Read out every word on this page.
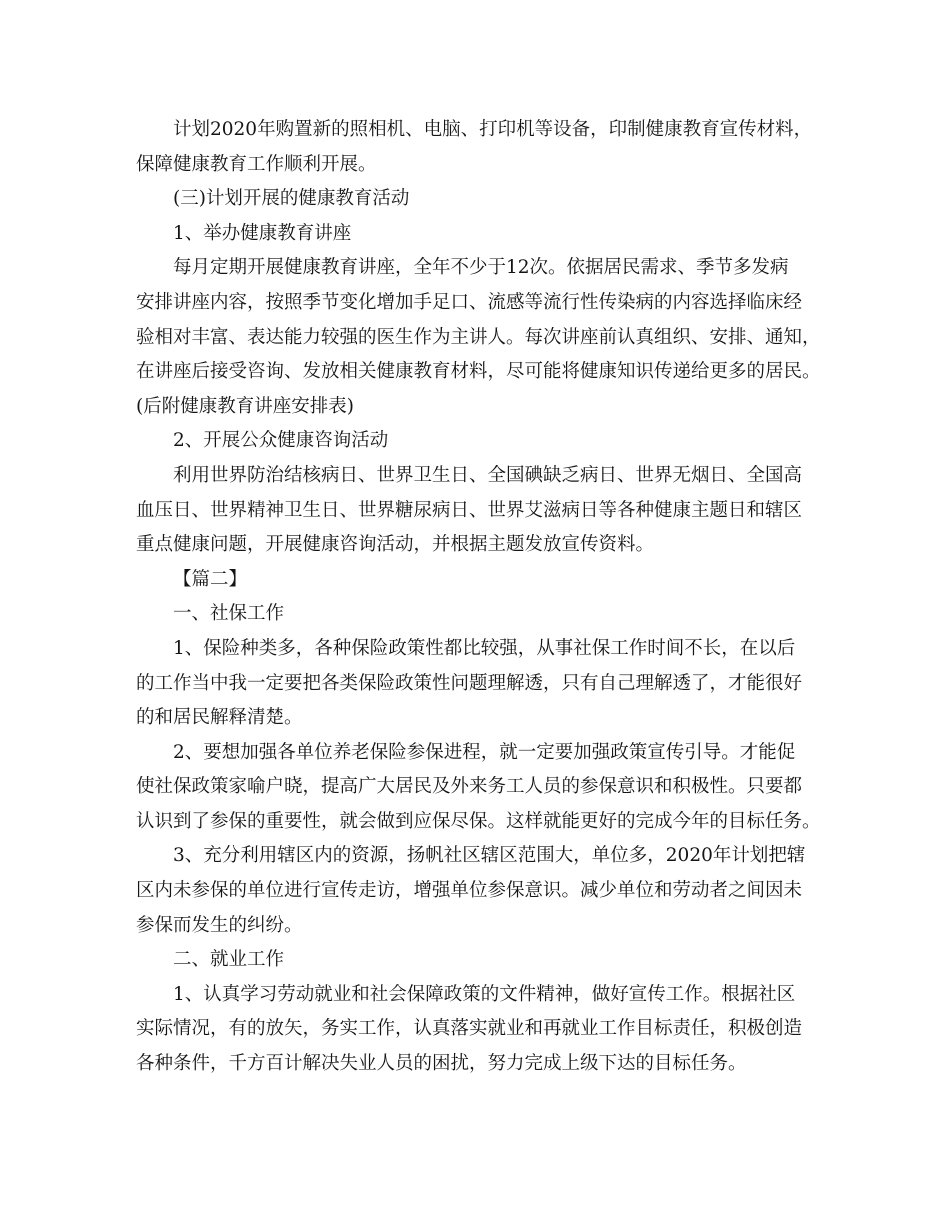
计划2020年购置新的照相机、电脑、打印机等设备，印制健康教育宣传材料，
保障健康教育工作顺利开展。
(三)计划开展的健康教育活动
1、举办健康教育讲座
每月定期开展健康教育讲座，全年不少于12次。依据居民需求、季节多发病
安排讲座内容，按照季节变化增加手足口、流感等流行性传染病的内容选择临床经
验相对丰富、表达能力较强的医生作为主讲人。每次讲座前认真组织、安排、通知，
在讲座后接受咨询、发放相关健康教育材料，尽可能将健康知识传递给更多的居民。
(后附健康教育讲座安排表)
2、开展公众健康咨询活动
利用世界防治结核病日、世界卫生日、全国碘缺乏病日、世界无烟日、全国高
血压日、世界精神卫生日、世界糖尿病日、世界艾滋病日等各种健康主题日和辖区
重点健康问题，开展健康咨询活动，并根据主题发放宣传资料。
【篇二】
一、社保工作
1、保险种类多，各种保险政策性都比较强，从事社保工作时间不长，在以后
的工作当中我一定要把各类保险政策性问题理解透，只有自己理解透了，才能很好
的和居民解释清楚。
2、要想加强各单位养老保险参保进程，就一定要加强政策宣传引导。才能促
使社保政策家喻户晓，提高广大居民及外来务工人员的参保意识和积极性。只要都
认识到了参保的重要性，就会做到应保尽保。这样就能更好的完成今年的目标任务。
3、充分利用辖区内的资源，扬帆社区辖区范围大，单位多，2020年计划把辖
区内未参保的单位进行宣传走访，增强单位参保意识。减少单位和劳动者之间因未
参保而发生的纠纷。
二、就业工作
1、认真学习劳动就业和社会保障政策的文件精神，做好宣传工作。根据社区
实际情况，有的放矢，务实工作，认真落实就业和再就业工作目标责任，积极创造
各种条件，千方百计解决失业人员的困扰，努力完成上级下达的目标任务。
